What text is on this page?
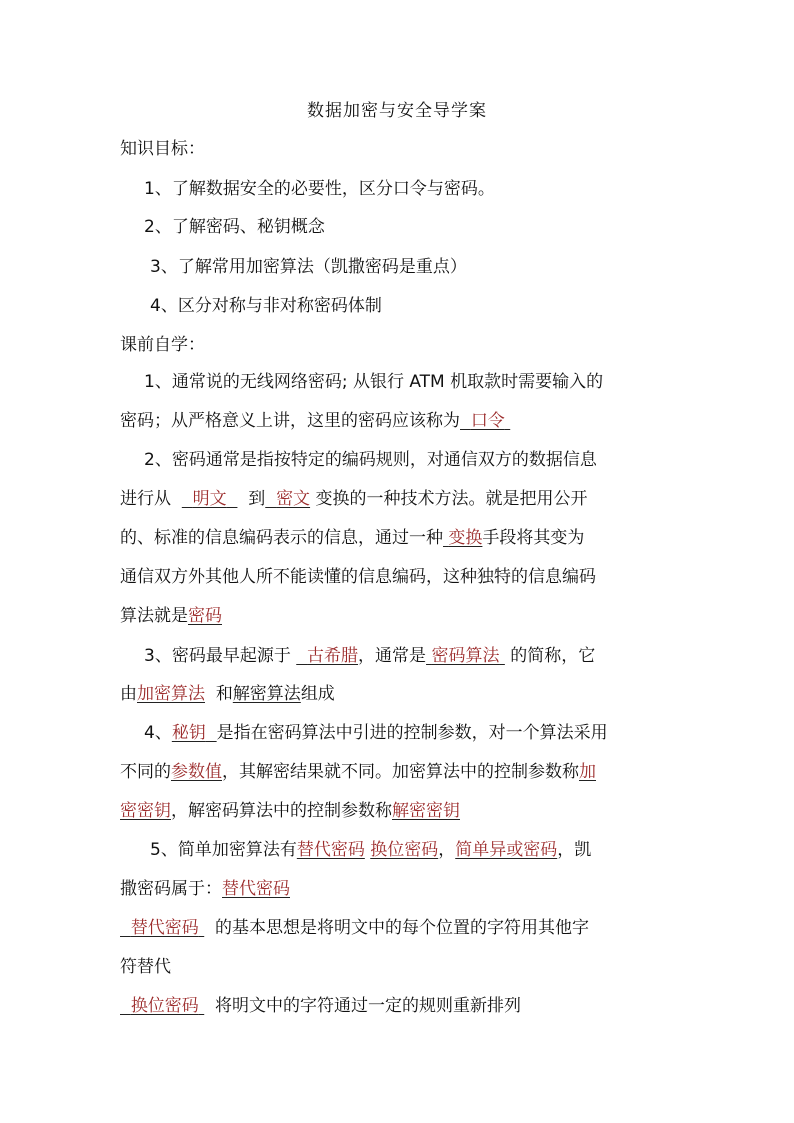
数据加密与安全导学案
知识目标：
1、了解数据安全的必要性，区分口令与密码。
2、了解密码、秘钥概念
3、了解常用加密算法（凯撒密码是重点）
4、区分对称与非对称密码体制
课前自学：
1、通常说的无线网络密码; 从银行 ATM 机取款时需要输入的
密码；从严格意义上讲，这里的密码应该称为 口令
2、密码通常是指按特定的编码规则，对通信双方的数据信息
进行从 明文 到 密文 变换的一种技术方法。就是把用公开
的、标准的信息编码表示的信息，通过一种 变换手段将其变为
通信双方外其他人所不能读懂的信息编码，这种独特的信息编码
算法就是密码
3、密码最早起源于 古希腊，通常是 密码算法 的简称，它
由加密算法 和解密算法组成
4、秘钥 是指在密码算法中引进的控制参数，对一个算法采用
不同的参数值，其解密结果就不同。加密算法中的控制参数称加
密密钥，解密码算法中的控制参数称解密密钥
5、简单加密算法有替代密码 换位密码，简单异或密码，凯
撒密码属于：替代密码
替代密码 的基本思想是将明文中的每个位置的字符用其他字
符替代
换位密码 将明文中的字符通过一定的规则重新排列
